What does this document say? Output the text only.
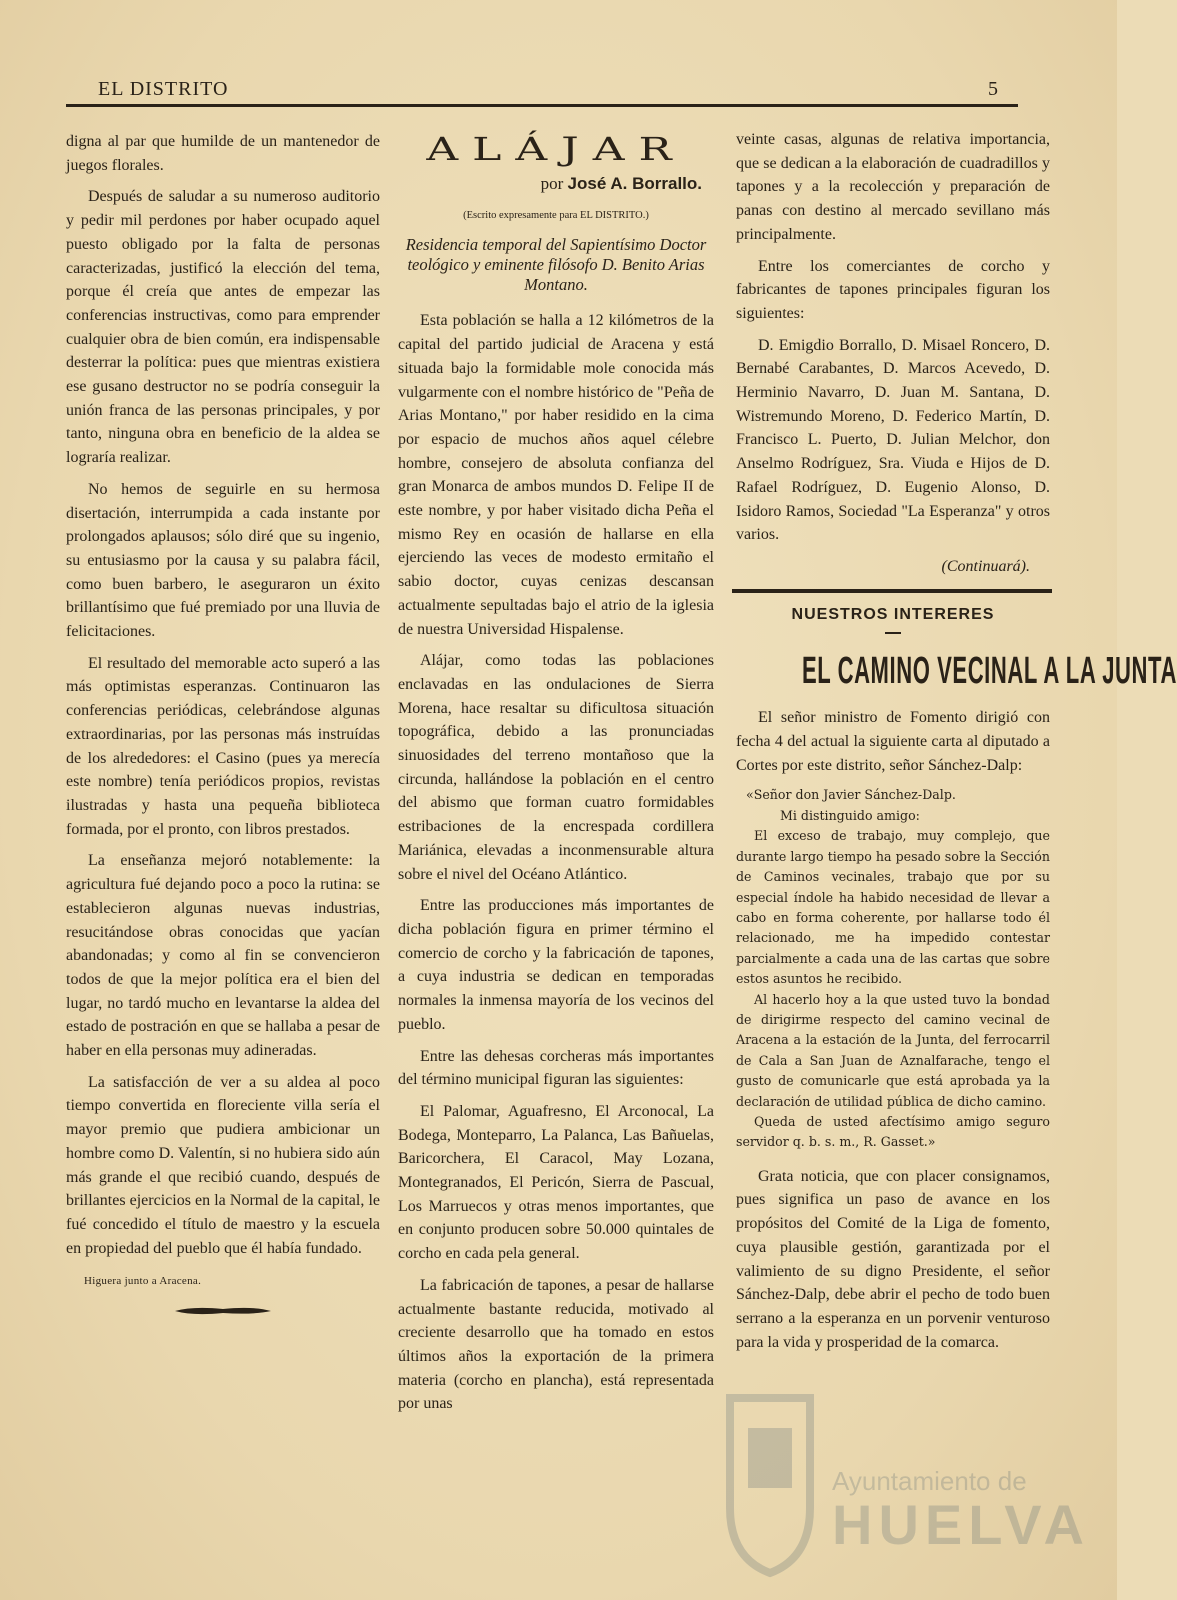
EL DISTRITO	5

digna al par que humilde de un mantenedor de juegos florales.

Después de saludar a su numeroso auditorio y pedir mil perdones por haber ocupado aquel puesto obligado por la falta de personas caracterizadas, justificó la elección del tema, porque él creía que antes de empezar las conferencias instructivas, como para emprender cualquier obra de bien común, era indispensable desterrar la política: pues que mientras existiera ese gusano destructor no se podría conseguir la unión franca de las personas principales, y por tanto, ninguna obra en beneficio de la aldea se lograría realizar.

No hemos de seguirle en su hermosa disertación, interrumpida a cada instante por prolongados aplausos; sólo diré que su ingenio, su entusiasmo por la causa y su palabra fácil, como buen barbero, le aseguraron un éxito brillantísimo que fué premiado por una lluvia de felicitaciones.

El resultado del memorable acto superó a las más optimistas esperanzas. Continuaron las conferencias periódicas, celebrándose algunas extraordinarias, por las personas más instruídas de los alrededores: el Casino (pues ya merecía este nombre) tenía periódicos propios, revistas ilustradas y hasta una pequeña biblioteca formada, por el pronto, con libros prestados.

La enseñanza mejoró notablemente: la agricultura fué dejando poco a poco la rutina: se establecieron algunas nuevas industrias, resucitándose obras conocidas que yacían abandonadas; y como al fin se convencieron todos de que la mejor política era el bien del lugar, no tardó mucho en levantarse la aldea del estado de postración en que se hallaba a pesar de haber en ella personas muy adineradas.

La satisfacción de ver a su aldea al poco tiempo convertida en floreciente villa sería el mayor premio que pudiera ambicionar un hombre como D. Valentín, si no hubiera sido aún más grande el que recibió cuando, después de brillantes ejercicios en la Normal de la capital, le fué concedido el título de maestro y la escuela en propiedad del pueblo que él había fundado.

Higuera junto a Aracena.
ALÁJAR

por José A. Borrallo.

(Escrito expresamente para EL DISTRITO.)
Residencia temporal del Sapientísimo Doctor teológico y eminente filósofo D. Benito Arias Montano.

Esta población se halla a 12 kilómetros de la capital del partido judicial de Aracena y está situada bajo la formidable mole conocida más vulgarmente con el nombre histórico de "Peña de Arias Montano," por haber residido en la cima por espacio de muchos años aquel célebre hombre, consejero de absoluta confianza del gran Monarca de ambos mundos D. Felipe II de este nombre, y por haber visitado dicha Peña el mismo Rey en ocasión de hallarse en ella ejerciendo las veces de modesto ermitaño el sabio doctor, cuyas cenizas descansan actualmente sepultadas bajo el atrio de la iglesia de nuestra Universidad Hispalense.

Alájar, como todas las poblaciones enclavadas en las ondulaciones de Sierra Morena, hace resaltar su dificultosa situación topográfica, debido a las pronunciadas sinuosidades del terreno montañoso que la circunda, hallándose la población en el centro del abismo que forman cuatro formidables estribaciones de la encrespada cordillera Mariánica, elevadas a inconmensurable altura sobre el nivel del Océano Atlántico.

Entre las producciones más importantes de dicha población figura en primer término el comercio de corcho y la fabricación de tapones, a cuya industria se dedican en temporadas normales la inmensa mayoría de los vecinos del pueblo.

Entre las dehesas corcheras más importantes del término municipal figuran las siguientes:

El Palomar, Aguafresno, El Arconocal, La Bodega, Monteparro, La Palanca, Las Bañuelas, Baricorchera, El Caracol, May Lozana, Montegranados, El Pericón, Sierra de Pascual, Los Marruecos y otras menos importantes, que en conjunto producen sobre 50.000 quintales de corcho en cada pela general.

La fabricación de tapones, a pesar de hallarse actualmente bastante reducida, motivado al creciente desarrollo que ha tomado en estos últimos años la exportación de la primera materia (corcho en plancha), está representada por unas

veinte casas, algunas de relativa importancia, que se dedican a la elaboración de cuadradillos y tapones y a la recolección y preparación de panas con destino al mercado sevillano más principalmente.

Entre los comerciantes de corcho y fabricantes de tapones principales figuran los siguientes:

D. Emigdio Borrallo, D. Misael Roncero, D. Bernabé Carabantes, D. Marcos Acevedo, D. Herminio Navarro, D. Juan M. Santana, D. Wistremundo Moreno, D. Federico Martín, D. Francisco L. Puerto, D. Julian Melchor, don Anselmo Rodríguez, Sra. Viuda e Hijos de D. Rafael Rodríguez, D. Eugenio Alonso, D. Isidoro Ramos, Sociedad "La Esperanza" y otros varios.

(Continuará).
NUESTROS INTERERES
EL CAMINO VECINAL A LA JUNTA

El señor ministro de Fomento dirigió con fecha 4 del actual la siguiente carta al diputado a Cortes por este distrito, señor Sánchez-Dalp:

«Señor don Javier Sánchez-Dalp.

Mi distinguido amigo:

El exceso de trabajo, muy complejo, que durante largo tiempo ha pesado sobre la Sección de Caminos vecinales, trabajo que por su especial índole ha habido necesidad de llevar a cabo en forma coherente, por hallarse todo él relacionado, me ha impedido contestar parcialmente a cada una de las cartas que sobre estos asuntos he recibido.

Al hacerlo hoy a la que usted tuvo la bondad de dirigirme respecto del camino vecinal de Aracena a la estación de la Junta, del ferrocarril de Cala a San Juan de Aznalfarache, tengo el gusto de comunicarle que está aprobada ya la declaración de utilidad pública de dicho camino.

Queda de usted afectísimo amigo seguro servidor q. b. s. m., R. Gasset.»

Grata noticia, que con placer consignamos, pues significa un paso de avance en los propósitos del Comité de la Liga de fomento, cuya plausible gestión, garantizada por el valimiento de su digno Presidente, el señor Sánchez-Dalp, debe abrir el pecho de todo buen serrano a la esperanza en un porvenir venturoso para la vida y prosperidad de la comarca.

Ayuntamiento de
HUELVA
